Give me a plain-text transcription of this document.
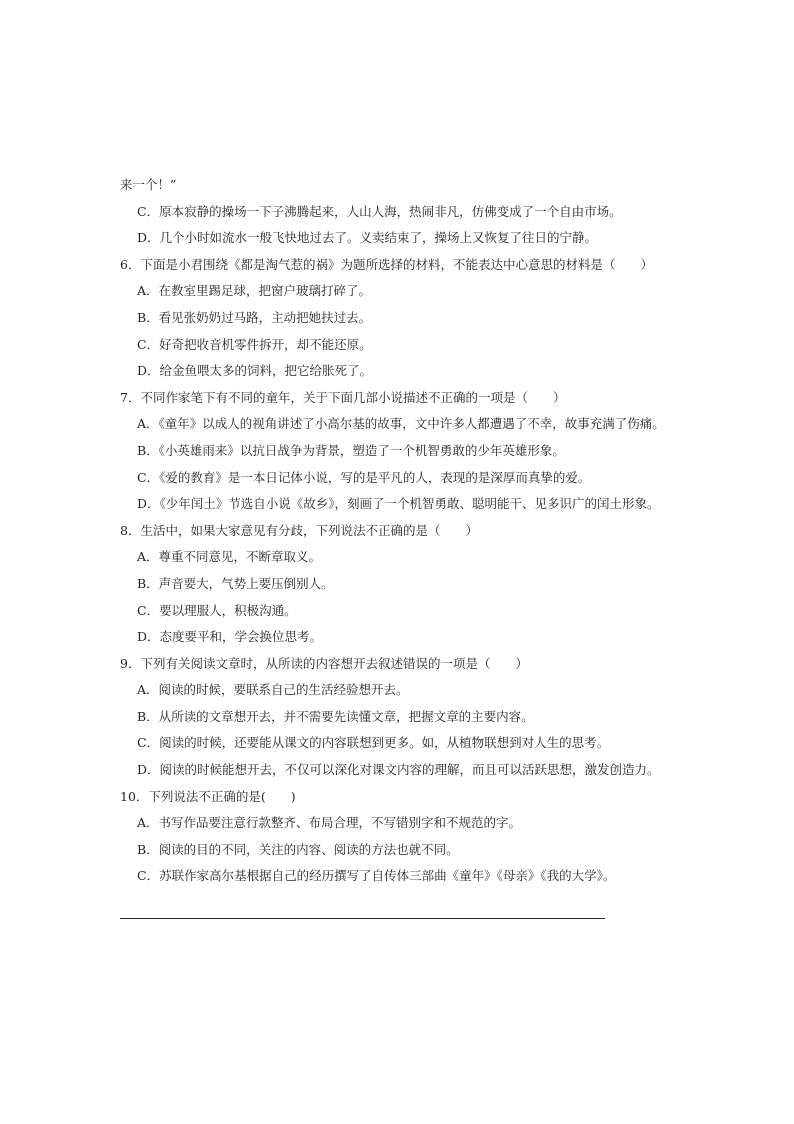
来一个！”
C．原本寂静的操场一下子沸腾起来，人山人海，热闹非凡，仿佛变成了一个自由市场。
D．几个小时如流水一般飞快地过去了。义卖结束了，操场上又恢复了往日的宁静。
6．下面是小君围绕《都是淘气惹的祸》为题所选择的材料，不能表达中心意思的材料是（　　）
A．在教室里踢足球，把窗户玻璃打碎了。
B．看见张奶奶过马路，主动把她扶过去。
C．好奇把收音机零件拆开，却不能还原。
D．给金鱼喂太多的饲料，把它给胀死了。
7．不同作家笔下有不同的童年，关于下面几部小说描述不正确的一项是（　　）
A．《童年》以成人的视角讲述了小高尔基的故事，文中许多人都遭遇了不幸，故事充满了伤痛。
B．《小英雄雨来》以抗日战争为背景，塑造了一个机智勇敢的少年英雄形象。
C．《爱的教育》是一本日记体小说，写的是平凡的人，表现的是深厚而真挚的爱。
D．《少年闰土》节选自小说《故乡》，刻画了一个机智勇敢、聪明能干、见多识广的闰土形象。
8．生活中，如果大家意见有分歧，下列说法不正确的是（　　）
A．尊重不同意见，不断章取义。
B．声音要大，气势上要压倒别人。
C．要以理服人，积极沟通。
D．态度要平和，学会换位思考。
9．下列有关阅读文章时，从所读的内容想开去叙述错误的一项是（　　）
A．阅读的时候，要联系自己的生活经验想开去。
B．从所读的文章想开去，并不需要先读懂文章，把握文章的主要内容。
C．阅读的时候，还要能从课文的内容联想到更多。如，从植物联想到对人生的思考。
D．阅读的时候能想开去，不仅可以深化对课文内容的理解，而且可以活跃思想，激发创造力。
10．下列说法不正确的是(　　)
A．书写作品要注意行款整齐、布局合理，不写错别字和不规范的字。
B．阅读的目的不同，关注的内容、阅读的方法也就不同。
C．苏联作家高尔基根据自己的经历撰写了自传体三部曲《童年》《母亲》《我的大学》。
